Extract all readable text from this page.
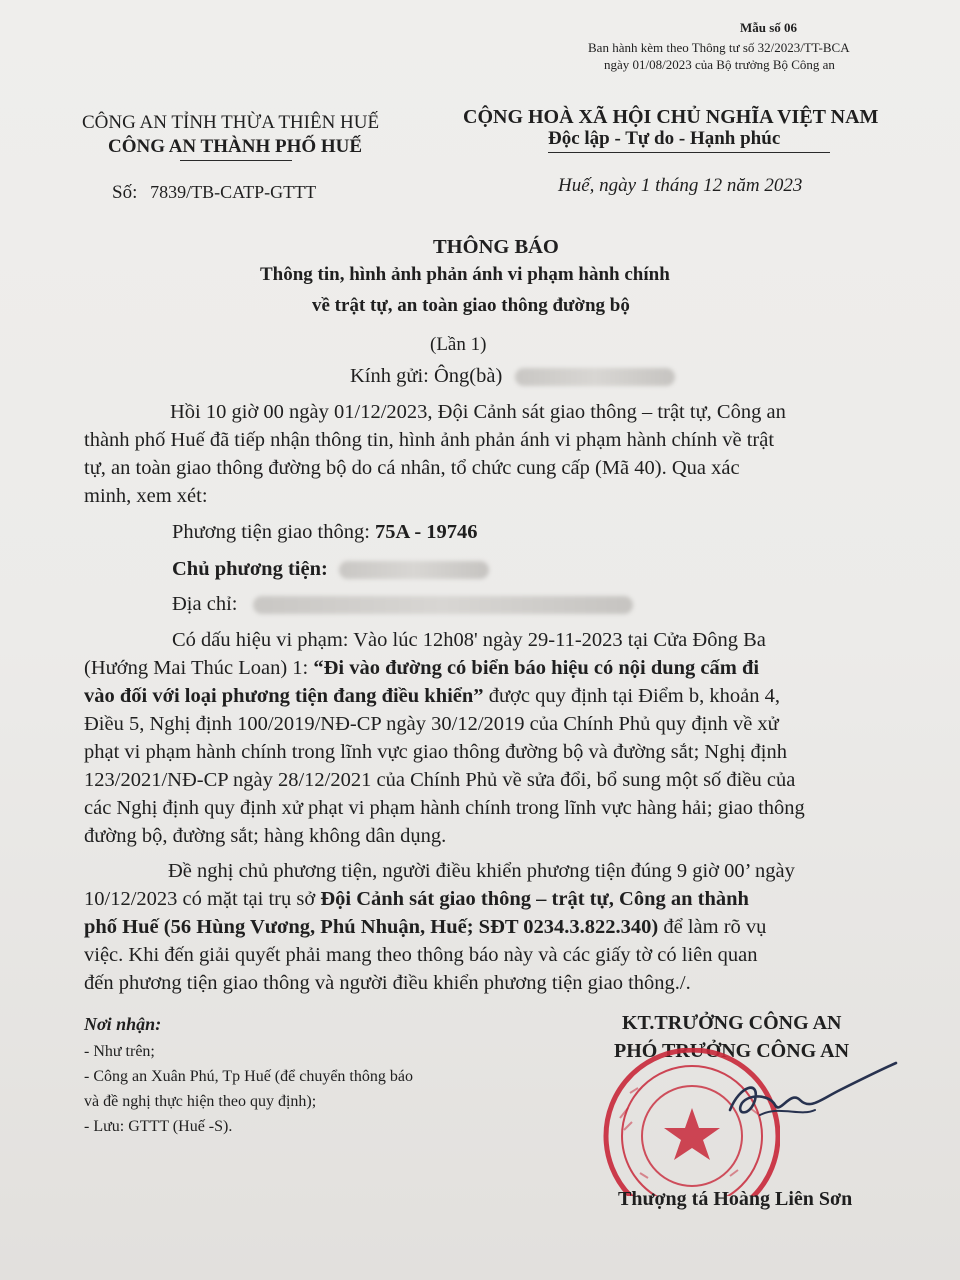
Mẫu số 06
Ban hành kèm theo Thông tư số 32/2023/TT-BCA
ngày 01/08/2023 của Bộ trưởng Bộ Công an
CÔNG AN TỈNH THỪA THIÊN HUẾ
CÔNG AN THÀNH PHỐ HUẾ
Số: 7839/TB-CATP-GTTT
CỘNG HOÀ XÃ HỘI CHỦ NGHĨA VIỆT NAM
Độc lập - Tự do - Hạnh phúc
Huế, ngày 1 tháng 12 năm 2023
THÔNG BÁO
Thông tin, hình ảnh phản ánh vi phạm hành chính
về trật tự, an toàn giao thông đường bộ
(Lần 1)
Kính gửi: Ông(bà)
Hồi 10 giờ 00 ngày 01/12/2023, Đội Cảnh sát giao thông – trật tự, Công an
thành phố Huế đã tiếp nhận thông tin, hình ảnh phản ánh vi phạm hành chính về trật
tự, an toàn giao thông đường bộ do cá nhân, tổ chức cung cấp (Mã 40). Qua xác
minh, xem xét:
Phương tiện giao thông: 75A - 19746
Chủ phương tiện:
Địa chỉ:
Có dấu hiệu vi phạm: Vào lúc 12h08' ngày 29-11-2023 tại Cửa Đông Ba
(Hướng Mai Thúc Loan) 1: “Đi vào đường có biển báo hiệu có nội dung cấm đi
vào đối với loại phương tiện đang điều khiển” được quy định tại Điểm b, khoản 4,
Điều 5, Nghị định 100/2019/NĐ-CP ngày 30/12/2019 của Chính Phủ quy định về xử
phạt vi phạm hành chính trong lĩnh vực giao thông đường bộ và đường sắt; Nghị định
123/2021/NĐ-CP ngày 28/12/2021 của Chính Phủ về sửa đổi, bổ sung một số điều của
các Nghị định quy định xử phạt vi phạm hành chính trong lĩnh vực hàng hải; giao thông
đường bộ, đường sắt; hàng không dân dụng.
Đề nghị chủ phương tiện, người điều khiển phương tiện đúng 9 giờ 00’ ngày
10/12/2023 có mặt tại trụ sở Đội Cảnh sát giao thông – trật tự, Công an thành
phố Huế (56 Hùng Vương, Phú Nhuận, Huế; SĐT 0234.3.822.340) để làm rõ vụ
việc. Khi đến giải quyết phải mang theo thông báo này và các giấy tờ có liên quan
đến phương tiện giao thông và người điều khiển phương tiện giao thông./.
Nơi nhận:
- Như trên;
- Công an Xuân Phú, Tp Huế (để chuyển thông báo
và đề nghị thực hiện theo quy định);
- Lưu: GTTT (Huế -S).
KT.TRƯỞNG CÔNG AN
PHÓ TRƯỞNG CÔNG AN
Thượng tá Hoàng Liên Sơn
